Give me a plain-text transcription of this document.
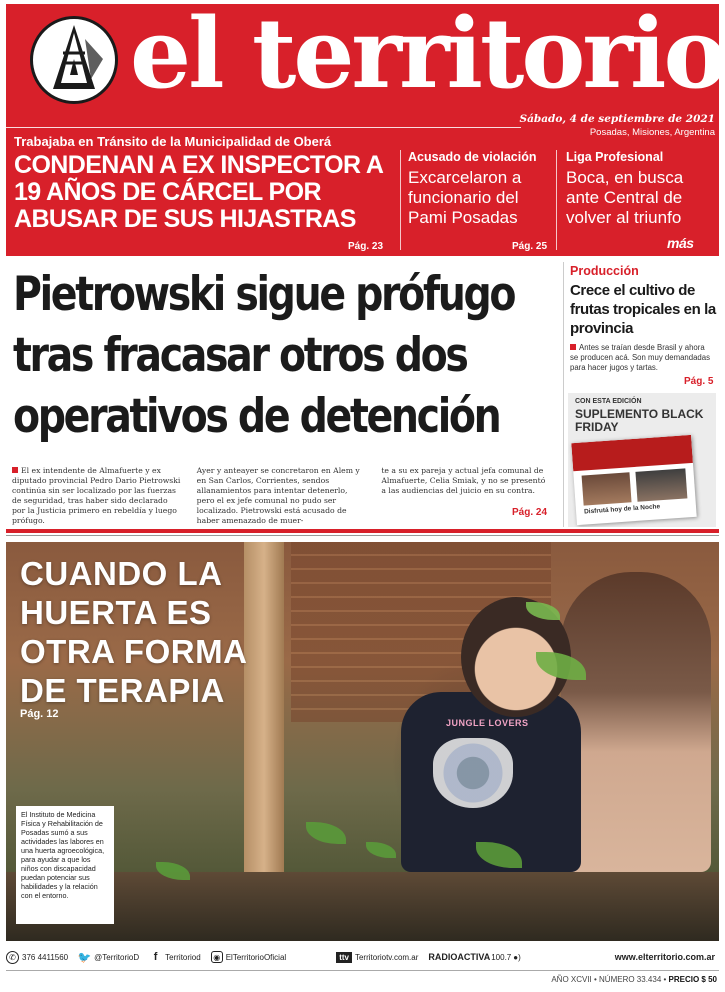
el territorio
Sábado, 4 de septiembre de 2021
Posadas, Misiones, Argentina
Trabajaba en Tránsito de la Municipalidad de Oberá
CONDENAN A EX INSPECTOR A 19 AÑOS DE CÁRCEL POR ABUSAR DE SUS HIJASTRAS
Pág. 23
Acusado de violación
Excarcelaron a funcionario del Pami Posadas
Pág. 25
Liga Profesional
Boca, en busca ante Central de volver al triunfo
más
Pietrowski sigue prófugo
tras fracasar otros dos
operativos de detención
El ex intendente de Almafuerte y ex diputado provincial Pedro Dario Pietrowski continúa sin ser localizado por las fuerzas de seguridad, tras haber sido declarado por la Justicia primero en rebeldía y luego prófugo.
Ayer y anteayer se concretaron en Alem y en San Carlos, Corrientes, sendos allanamientos para intentar detenerlo, pero el ex jefe comunal no pudo ser localizado. Pietrowski está acusado de haber amenazado de muer-
te a su ex pareja y actual jefa comunal de Almafuerte, Celia Smiak, y no se presentó a las audiencias del juicio en su contra.
Pág. 24
Producción
Crece el cultivo de frutas tropicales en la provincia
Antes se traían desde Brasil y ahora se producen acá. Son muy demandadas para hacer jugos y tartas.
Pág. 5
CON ESTA EDICIÓN
SUPLEMENTO BLACK FRIDAY
Disfrutá hoy de la Noche
JUNGLE LOVERS
CUANDO LA HUERTA ES OTRA FORMA DE TERAPIA
Pág. 12
El Instituto de Medicina Física y Rehabilitación de Posadas sumó a sus actividades las labores en una huerta agroecológica, para ayudar a que los niños con discapacidad puedan potenciar sus habilidades y la relación con el entorno.
✆ 376 4411560 🐦 @TerritorioD	f Territoriod	◉ ElTerritorioOficial	ttv Territoriotv.com.ar RADIOACTIVA 100.7 ●)	www.elterritorio.com.ar
AÑO XCVII • NÚMERO 33.434 • PRECIO $ 50
